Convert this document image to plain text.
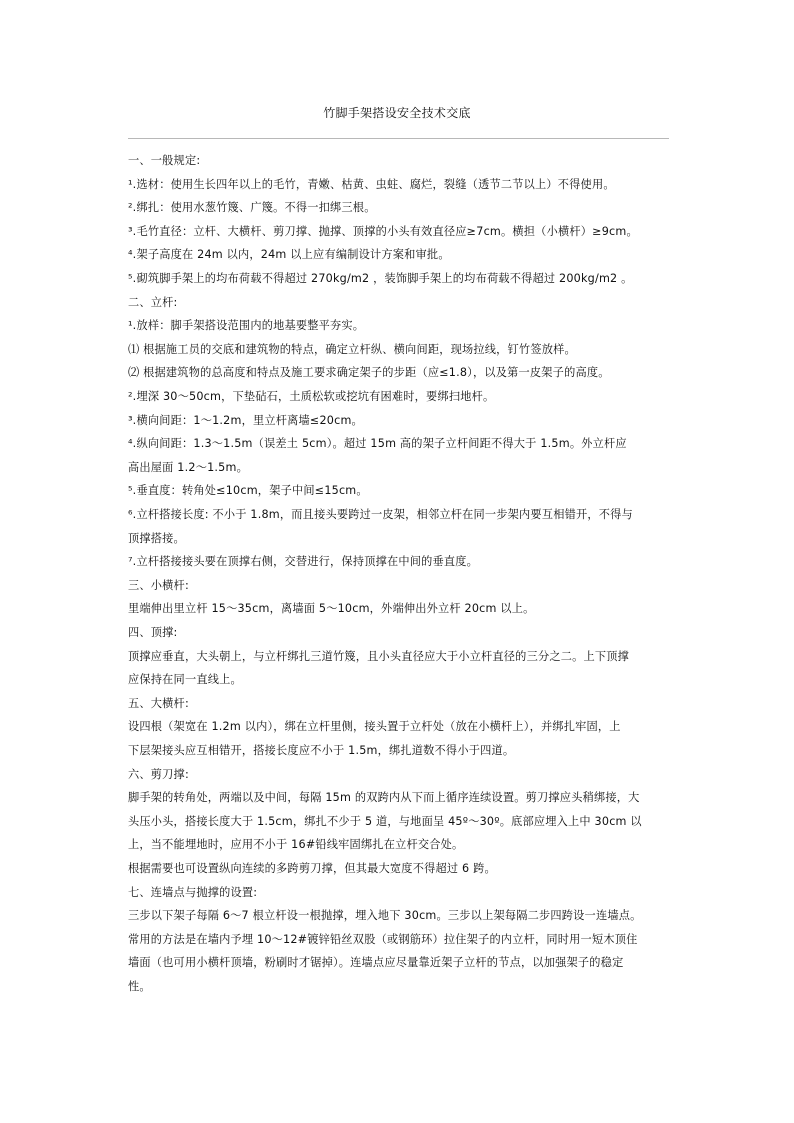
竹脚手架搭设安全技术交底
一、一般规定:
¹.选材：使用生长四年以上的毛竹，青嫩、枯黄、虫蛀、腐烂，裂缝（透节二节以上）不得使用。
².绑扎：使用水葱竹篾、广篾。不得一扣绑三根。
³.毛竹直径：立杆、大横杆、剪刀撑、抛撑、顶撑的小头有效直径应≥7cm。横担（小横杆）≥9cm。
⁴.架子高度在 24m 以内，24m 以上应有编制设计方案和审批。
⁵.砌筑脚手架上的均布荷载不得超过 270kg/m2 ，装饰脚手架上的均布荷载不得超过 200kg/m2 。
二、立杆:
¹.放样：脚手架搭设范围内的地基要整平夯实。
⑴ 根据施工员的交底和建筑物的特点，确定立杆纵、横向间距，现场拉线，钉竹签放样。
⑵ 根据建筑物的总高度和特点及施工要求确定架子的步距（应≤1.8），以及第一皮架子的高度。
².埋深 30～50cm，下垫砧石，土质松软或挖坑有困难时，要绑扫地杆。
³.横向间距：1～1.2m，里立杆离墙≤20cm。
⁴.纵向间距：1.3～1.5m（误差土 5cm）。超过 15m 高的架子立杆间距不得大于 1.5m。外立杆应
高出屋面 1.2～1.5m。
⁵.垂直度：转角处≤10cm，架子中间≤15cm。
⁶.立杆搭接长度: 不小于 1.8m，而且接头要跨过一皮架，相邻立杆在同一步架内要互相错开，不得与
顶撑搭接。
⁷.立杆搭接接头要在顶撑右侧，交替进行，保持顶撑在中间的垂直度。
三、小横杆:
里端伸出里立杆 15～35cm，离墙面 5～10cm，外端伸出外立杆 20cm 以上。
四、顶撑:
顶撑应垂直，大头朝上，与立杆绑扎三道竹篾，且小头直径应大于小立杆直径的三分之二。上下顶撑
应保持在同一直线上。
五、大横杆:
设四根（架宽在 1.2m 以内），绑在立杆里侧，接头置于立杆处（放在小横杆上），并绑扎牢固，上
下层架接头应互相错开，搭接长度应不小于 1.5m，绑扎道数不得小于四道。
六、剪刀撑:
脚手架的转角处，两端以及中间，每隔 15m 的双跨内从下而上循序连续设置。剪刀撑应头稍绑接，大
头压小头，搭接长度大于 1.5cm，绑扎不少于 5 道，与地面呈 45º～30º。底部应埋入上中 30cm 以
上，当不能埋地时，应用不小于 16#铅线牢固绑扎在立杆交合处。
根据需要也可设置纵向连续的多跨剪刀撑，但其最大宽度不得超过 6 跨。
七、连墙点与抛撑的设置:
三步以下架子每隔 6～7 根立杆设一根抛撑，埋入地下 30cm。三步以上架每隔二步四跨设一连墙点。
常用的方法是在墙内予埋 10～12#镀锌铅丝双股（或钢筋环）拉住架子的内立杆，同时用一短木顶住
墙面（也可用小横杆顶墙，粉刷时才锯掉）。连墙点应尽量靠近架子立杆的节点，以加强架子的稳定
性。
